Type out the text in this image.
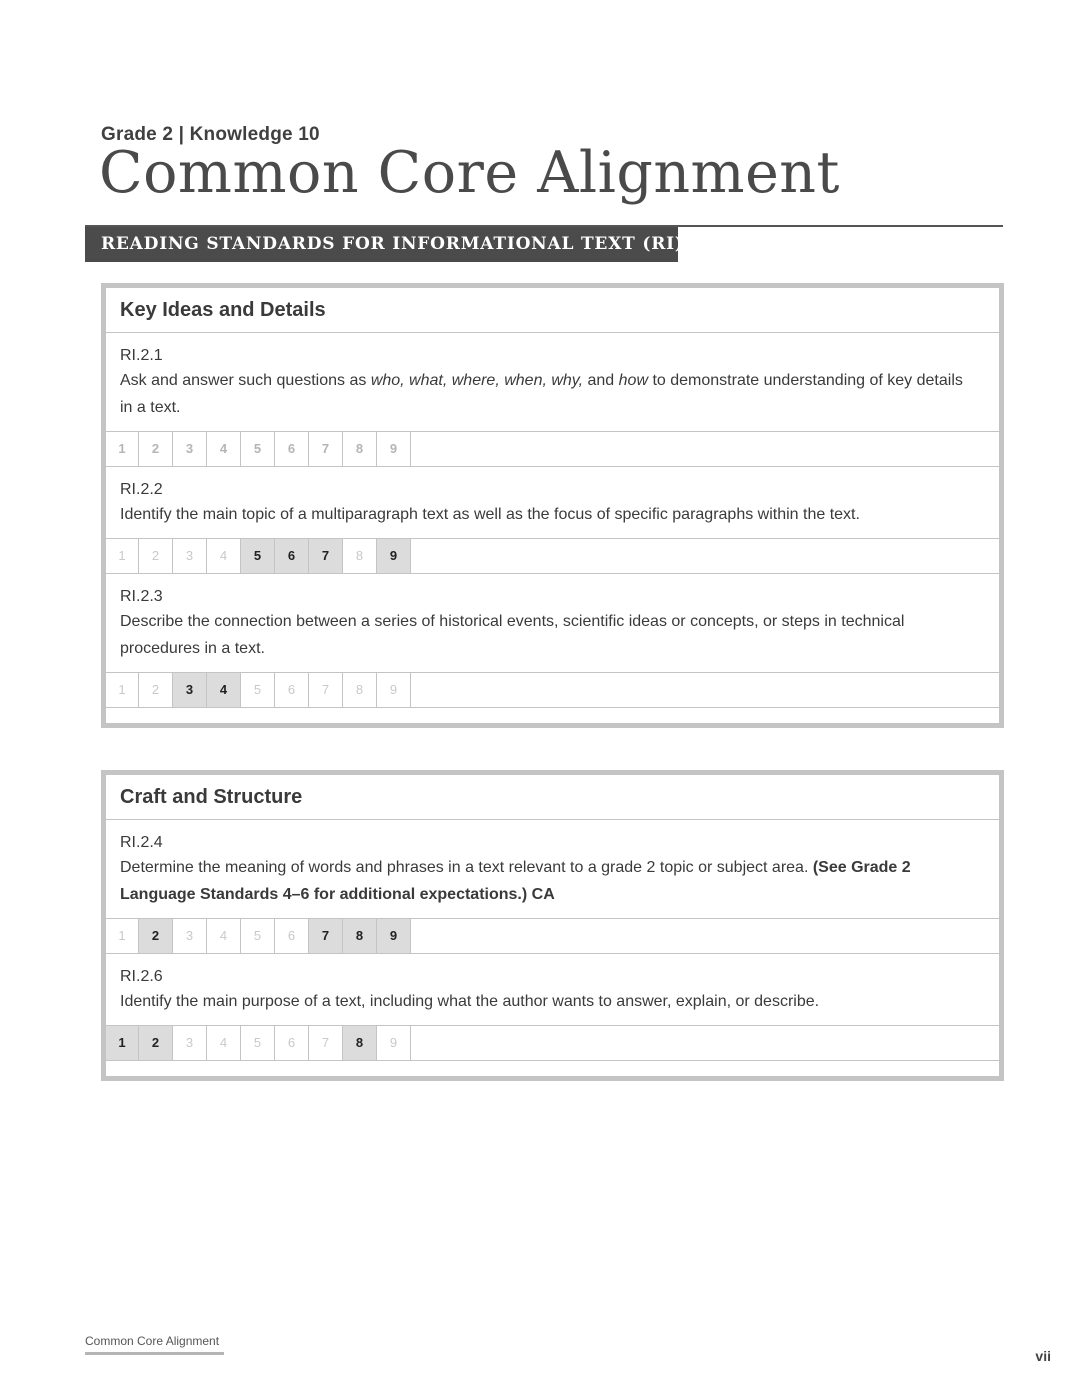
Grade 2 | Knowledge 10
Common Core Alignment
READING STANDARDS FOR INFORMATIONAL TEXT (RI)
Key Ideas and Details
RI.2.1
Ask and answer such questions as who, what, where, when, why, and how to demonstrate understanding of key details in a text.
1	2	3	4	5	6	7	8	9
RI.2.2
Identify the main topic of a multiparagraph text as well as the focus of specific paragraphs within the text.
1	2	3	4	5	6	7	8	9
RI.2.3
Describe the connection between a series of historical events, scientific ideas or concepts, or steps in technical procedures in a text.
1	2	3	4	5	6	7	8	9
Craft and Structure
RI.2.4
Determine the meaning of words and phrases in a text relevant to a grade 2 topic or subject area. (See Grade 2 Language Standards 4–6 for additional expectations.) CA
1	2	3	4	5	6	7	8	9
RI.2.6
Identify the main purpose of a text, including what the author wants to answer, explain, or describe.
1	2	3	4	5	6	7	8	9
Common Core Alignment
vii
